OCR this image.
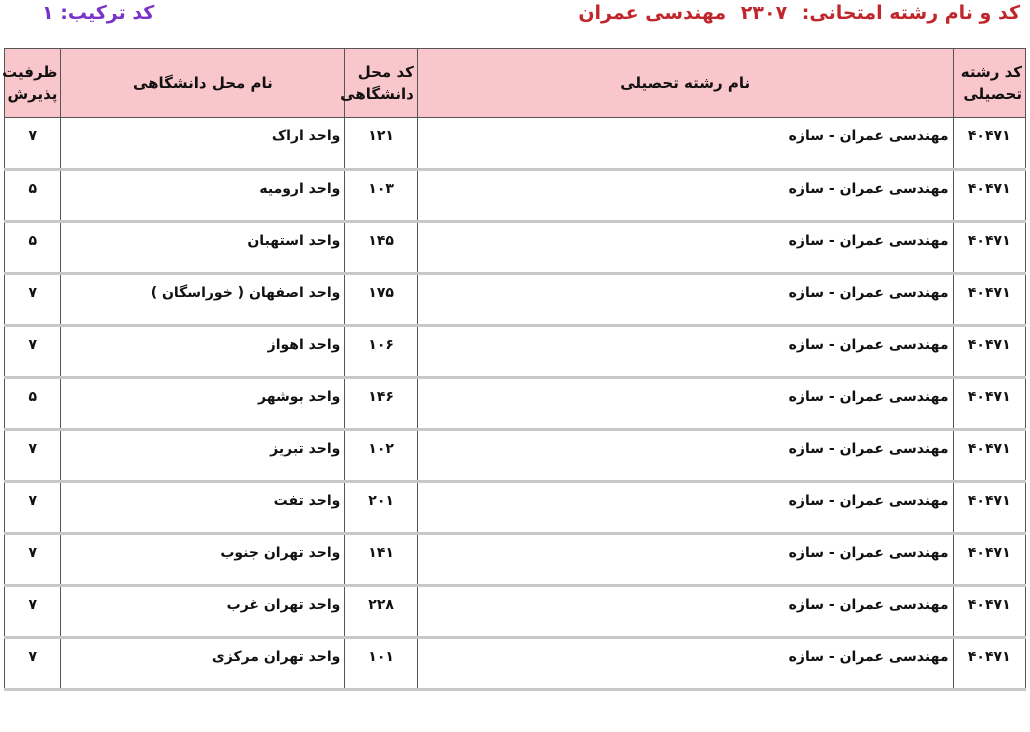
کد و نام رشته امتحانی: ۲۳۰۷ مهندسی عمران
کد ترکیب: ۱
کد رشته تحصیلی	نام رشته تحصیلی	کد محل دانشگاهی	نام محل دانشگاهی	ظرفیت پذیرش
۴۰۴۷۱	مهندسی عمران - سازه	۱۲۱	واحد اراک	۷
۴۰۴۷۱	مهندسی عمران - سازه	۱۰۳	واحد ارومیه	۵
۴۰۴۷۱	مهندسی عمران - سازه	۱۴۵	واحد استهبان	۵
۴۰۴۷۱	مهندسی عمران - سازه	۱۷۵	واحد اصفهان ( خوراسگان )	۷
۴۰۴۷۱	مهندسی عمران - سازه	۱۰۶	واحد اهواز	۷
۴۰۴۷۱	مهندسی عمران - سازه	۱۴۶	واحد بوشهر	۵
۴۰۴۷۱	مهندسی عمران - سازه	۱۰۲	واحد تبریز	۷
۴۰۴۷۱	مهندسی عمران - سازه	۲۰۱	واحد تفت	۷
۴۰۴۷۱	مهندسی عمران - سازه	۱۴۱	واحد تهران جنوب	۷
۴۰۴۷۱	مهندسی عمران - سازه	۲۲۸	واحد تهران غرب	۷
۴۰۴۷۱	مهندسی عمران - سازه	۱۰۱	واحد تهران مرکزی	۷
